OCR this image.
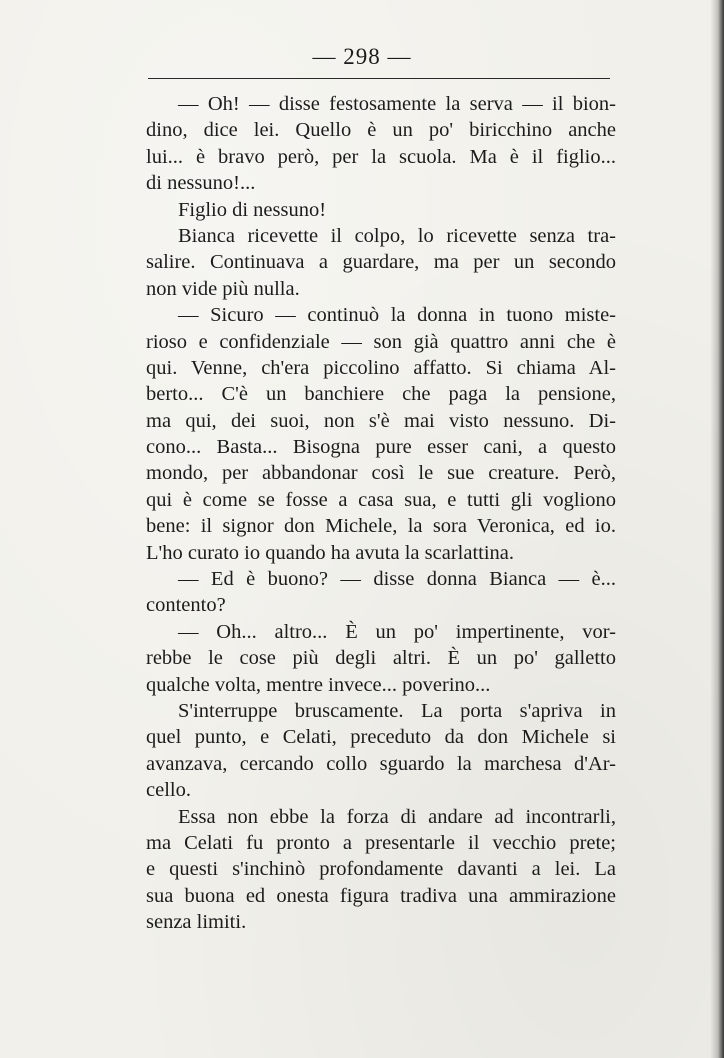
— 298 —
— Oh! — disse festosamente la serva — il bion-
dino, dice lei. Quello è un po' biricchino anche
lui... è bravo però, per la scuola. Ma è il figlio...
di nessuno!...
Figlio di nessuno!
Bianca ricevette il colpo, lo ricevette senza tra-
salire. Continuava a guardare, ma per un secondo
non vide più nulla.
— Sicuro — continuò la donna in tuono miste-
rioso e confidenziale — son già quattro anni che è
qui. Venne, ch'era piccolino affatto. Si chiama Al-
berto... C'è un banchiere che paga la pensione,
ma qui, dei suoi, non s'è mai visto nessuno. Di-
cono... Basta... Bisogna pure esser cani, a questo
mondo, per abbandonar così le sue creature. Però,
qui è come se fosse a casa sua, e tutti gli vogliono
bene: il signor don Michele, la sora Veronica, ed io.
L'ho curato io quando ha avuta la scarlattina.
— Ed è buono? — disse donna Bianca — è...
contento?
— Oh... altro... È un po' impertinente, vor-
rebbe le cose più degli altri. È un po' galletto
qualche volta, mentre invece... poverino...
S'interruppe bruscamente. La porta s'apriva in
quel punto, e Celati, preceduto da don Michele si
avanzava, cercando collo sguardo la marchesa d'Ar-
cello.
Essa non ebbe la forza di andare ad incontrarli,
ma Celati fu pronto a presentarle il vecchio prete;
e questi s'inchinò profondamente davanti a lei. La
sua buona ed onesta figura tradiva una ammirazione
senza limiti.
